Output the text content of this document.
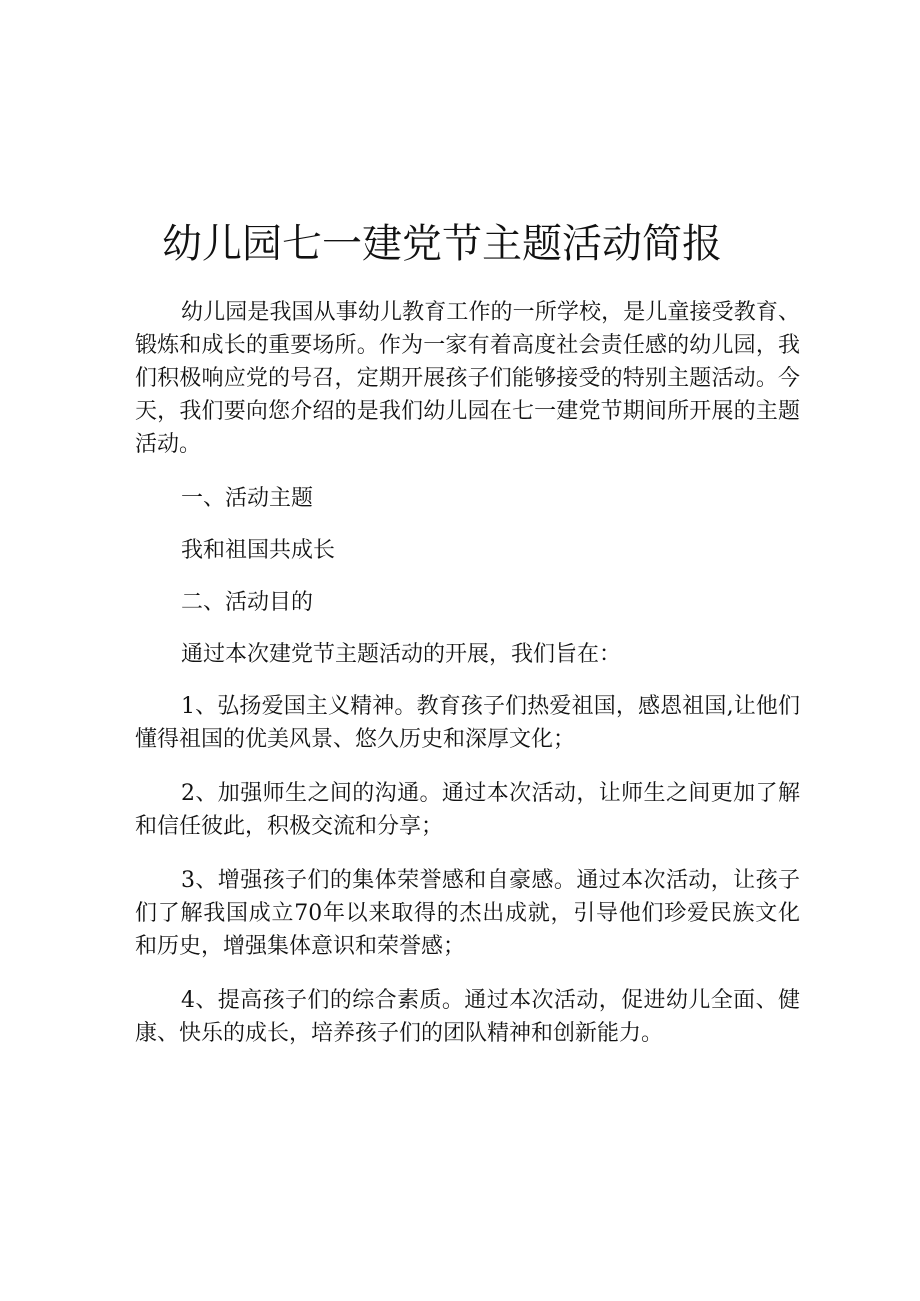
幼儿园七一建党节主题活动简报

幼儿园是我国从事幼儿教育工作的一所学校，是儿童接受教育、锻炼和成长的重要场所。作为一家有着高度社会责任感的幼儿园，我们积极响应党的号召，定期开展孩子们能够接受的特别主题活动。今天，我们要向您介绍的是我们幼儿园在七一建党节期间所开展的主题活动。

一、活动主题

我和祖国共成长

二、活动目的

通过本次建党节主题活动的开展，我们旨在：

1、弘扬爱国主义精神。教育孩子们热爱祖国，感恩祖国,让他们懂得祖国的优美风景、悠久历史和深厚文化；

2、加强师生之间的沟通。通过本次活动，让师生之间更加了解和信任彼此，积极交流和分享；

3、增强孩子们的集体荣誉感和自豪感。通过本次活动，让孩子们了解我国成立70年以来取得的杰出成就，引导他们珍爱民族文化和历史，增强集体意识和荣誉感；

4、提高孩子们的综合素质。通过本次活动，促进幼儿全面、健康、快乐的成长，培养孩子们的团队精神和创新能力。
